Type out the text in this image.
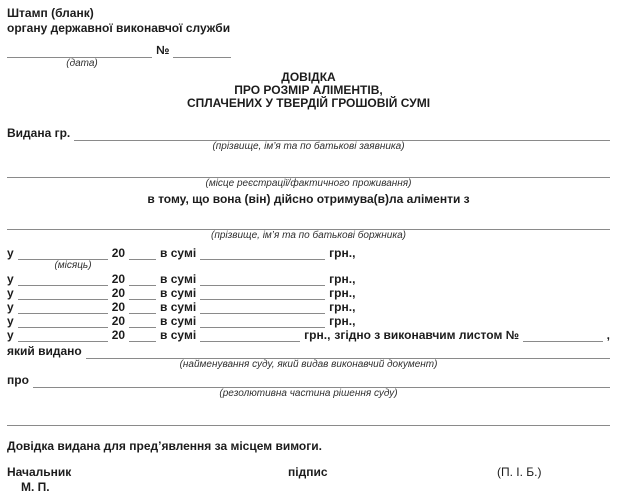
Штамп (бланк)
органу державної виконавчої служби
№
(дата)
ДОВІДКА
ПРО РОЗМІР АЛІМЕНТІВ,
СПЛАЧЕНИХ У ТВЕРДІЙ ГРОШОВІЙ СУМІ
Видана гр.
(прізвище, ім’я та по батькові заявника)
(місце реєстрації/фактичного проживання)
в тому, що вона (він) дійсно отримува(в)ла аліменти з
(прізвище, ім’я та по батькові боржника)
у	20	в сумі	грн.,
(місяць)
у	20	в сумі	грн.,
у	20	в сумі	грн.,
у	20	в сумі	грн.,
у	20	в сумі	грн.,
у	20	в сумі	грн., згідно з виконавчим листом №	,
який видано
(найменування суду, який видав виконавчий документ)
про
(резолютивна частина рішення суду)
Довідка видана для пред’явлення за місцем вимоги.
Начальник	підпис	(П. І. Б.)
М. П.
